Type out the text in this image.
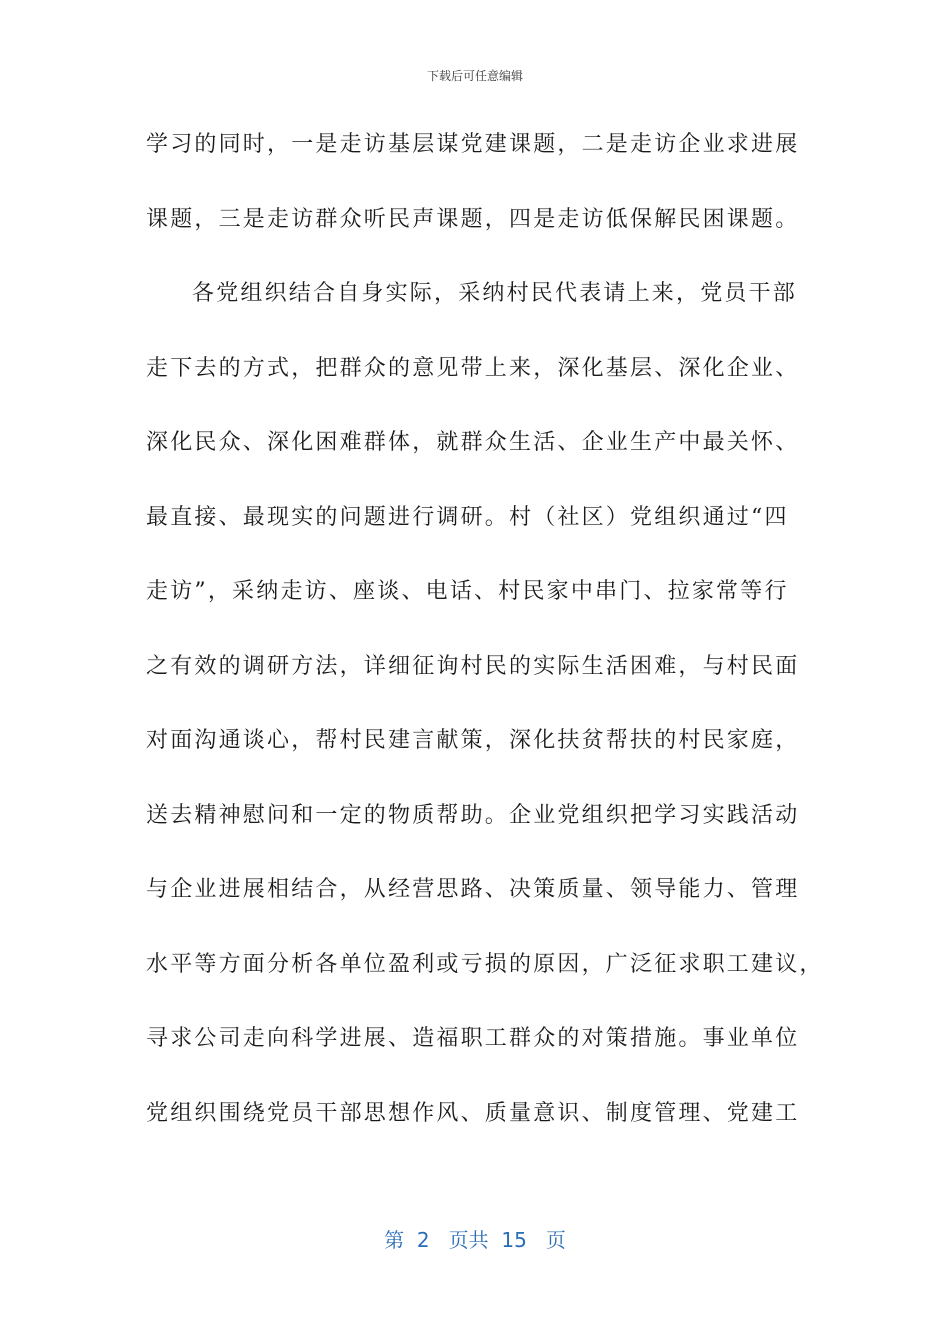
下载后可任意编辑
学习的同时，一是走访基层谋党建课题，二是走访企业求进展
课题，三是走访群众听民声课题，四是走访低保解民困课题。
各党组织结合自身实际，采纳村民代表请上来，党员干部
走下去的方式，把群众的意见带上来，深化基层、深化企业、
深化民众、深化困难群体，就群众生活、企业生产中最关怀、
最直接、最现实的问题进行调研。村（社区）党组织通过“四
走访”，采纳走访、座谈、电话、村民家中串门、拉家常等行
之有效的调研方法，详细征询村民的实际生活困难，与村民面
对面沟通谈心，帮村民建言献策，深化扶贫帮扶的村民家庭，
送去精神慰问和一定的物质帮助。企业党组织把学习实践活动
与企业进展相结合，从经营思路、决策质量、领导能力、管理
水平等方面分析各单位盈利或亏损的原因，广泛征求职工建议，
寻求公司走向科学进展、造福职工群众的对策措施。事业单位
党组织围绕党员干部思想作风、质量意识、制度管理、党建工
第 2 页共 15 页
